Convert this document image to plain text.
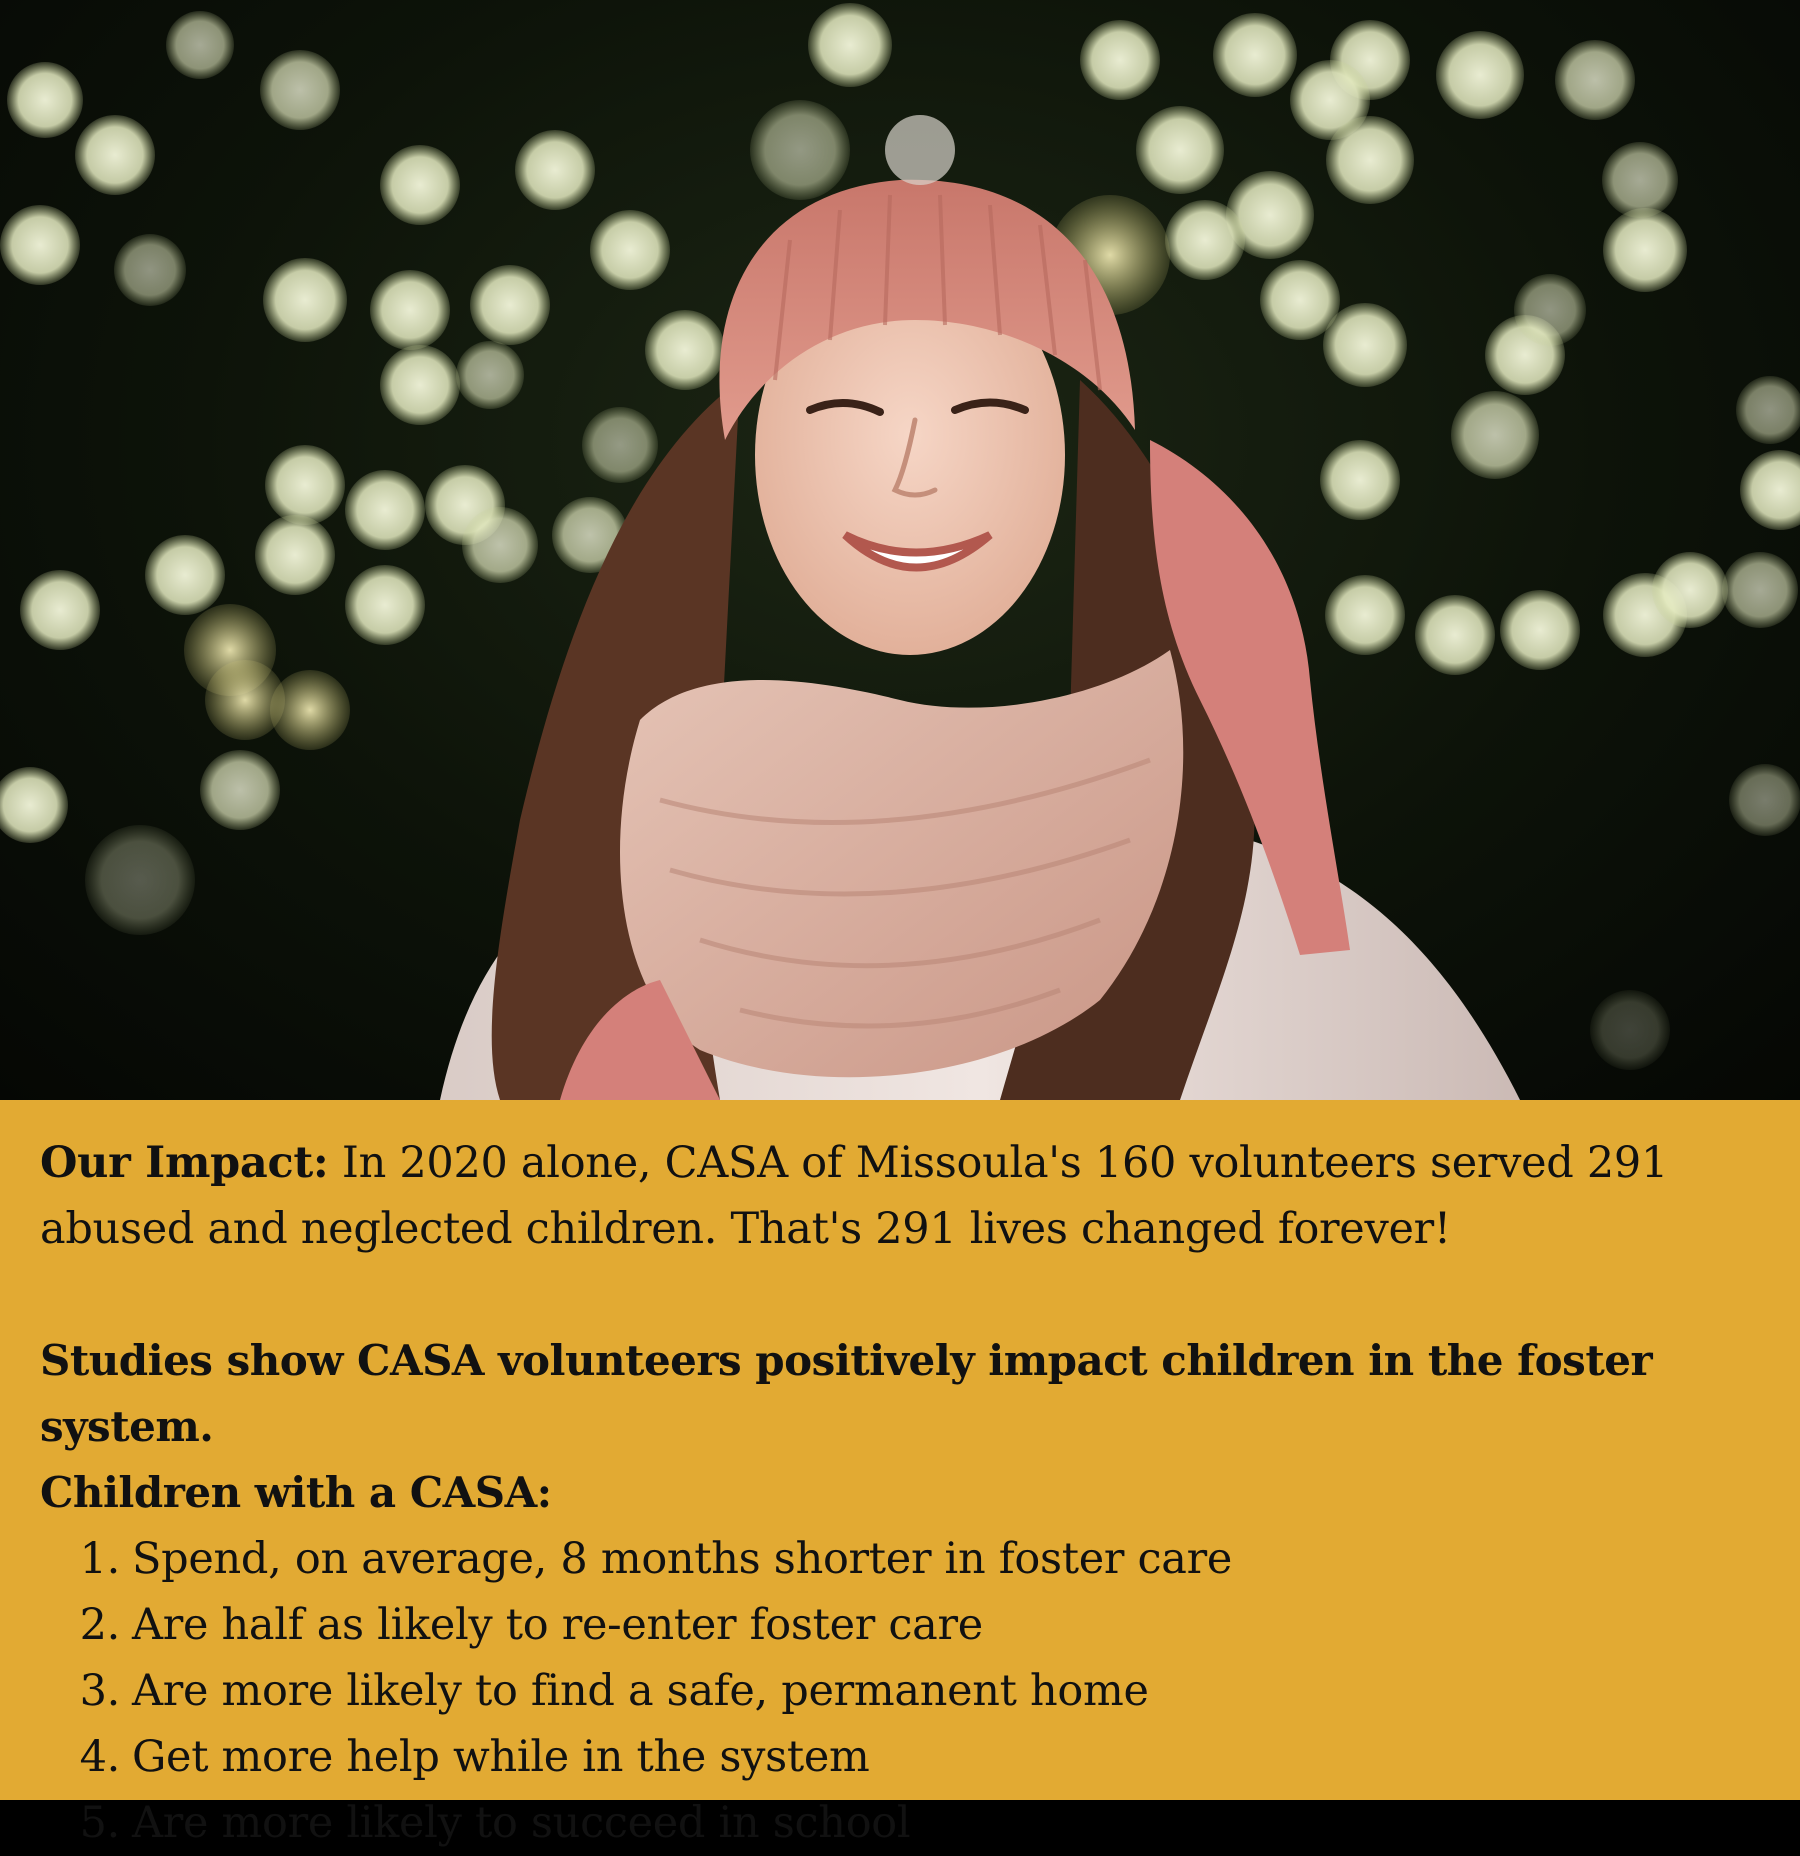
Our Impact: In 2020 alone, CASA of Missoula's 160 volunteers served 291 abused and neglected children. That's 291 lives changed forever!

Studies show CASA volunteers positively impact children in the foster system.
Children with a CASA:
1. Spend, on average, 8 months shorter in foster care
2. Are half as likely to re-enter foster care
3. Are more likely to find a safe, permanent home
4. Get more help while in the system
5. Are more likely to succeed in school
